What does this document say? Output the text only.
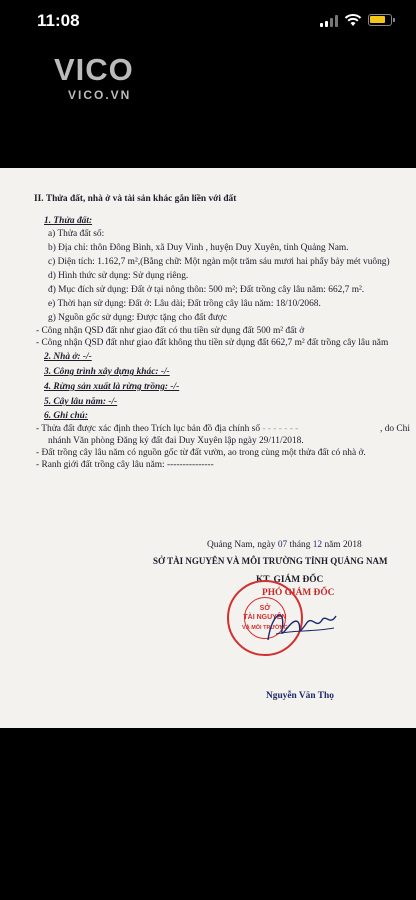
11:08
VICO
VICO.VN
II. Thửa đất, nhà ở và tài sản khác gắn liền với đất
1. Thửa đất:
a) Thửa đất số:
b) Địa chỉ: thôn Đông Bình, xã Duy Vinh , huyện Duy Xuyên, tỉnh Quảng Nam.
c) Diện tích: 1.162,7 m²,(Bằng chữ: Một ngàn một trăm sáu mươi hai phẩy bảy mét vuông)
d) Hình thức sử dụng: Sử dụng riêng.
đ) Mục đích sử dụng: Đất ở tại nông thôn: 500 m²; Đất trồng cây lâu năm: 662,7 m².
e) Thời hạn sử dụng: Đất ở: Lâu dài; Đất trồng cây lâu năm: 18/10/2068.
g) Nguồn gốc sử dụng: Được tặng cho đất được
- Công nhận QSD đất như giao đất có thu tiền sử dụng đất 500 m² đất ở
- Công nhận QSD đất như giao đất không thu tiền sử dụng đất 662,7 m² đất trồng cây lâu năm
2. Nhà ở: -/-
3. Công trình xây dựng khác: -/-
4. Rừng sản xuất là rừng trồng: -/-
5. Cây lâu năm: -/-
6. Ghi chú:
- Thửa đất được xác định theo Trích lục bản đồ địa chính số - - - - - - -	, do Chi
nhánh Văn phòng Đăng ký đất đai Duy Xuyên lập ngày 29/11/2018.
- Đất trồng cây lâu năm có nguồn gốc từ đất vườn, ao trong cùng một thửa đất có nhà ở.
- Ranh giới đất trồng cây lâu năm: ---------------
Quảng Nam, ngày 07 tháng 12 năm 2018
SỞ TÀI NGUYÊN VÀ MÔI TRƯỜNG TỈNH QUẢNG NAM
KT. GIÁM ĐỐC
PHÓ GIÁM ĐỐC
SỞ
TÀI NGUYÊN
VÀ MÔI TRƯỜNG
Nguyễn Văn Thọ
